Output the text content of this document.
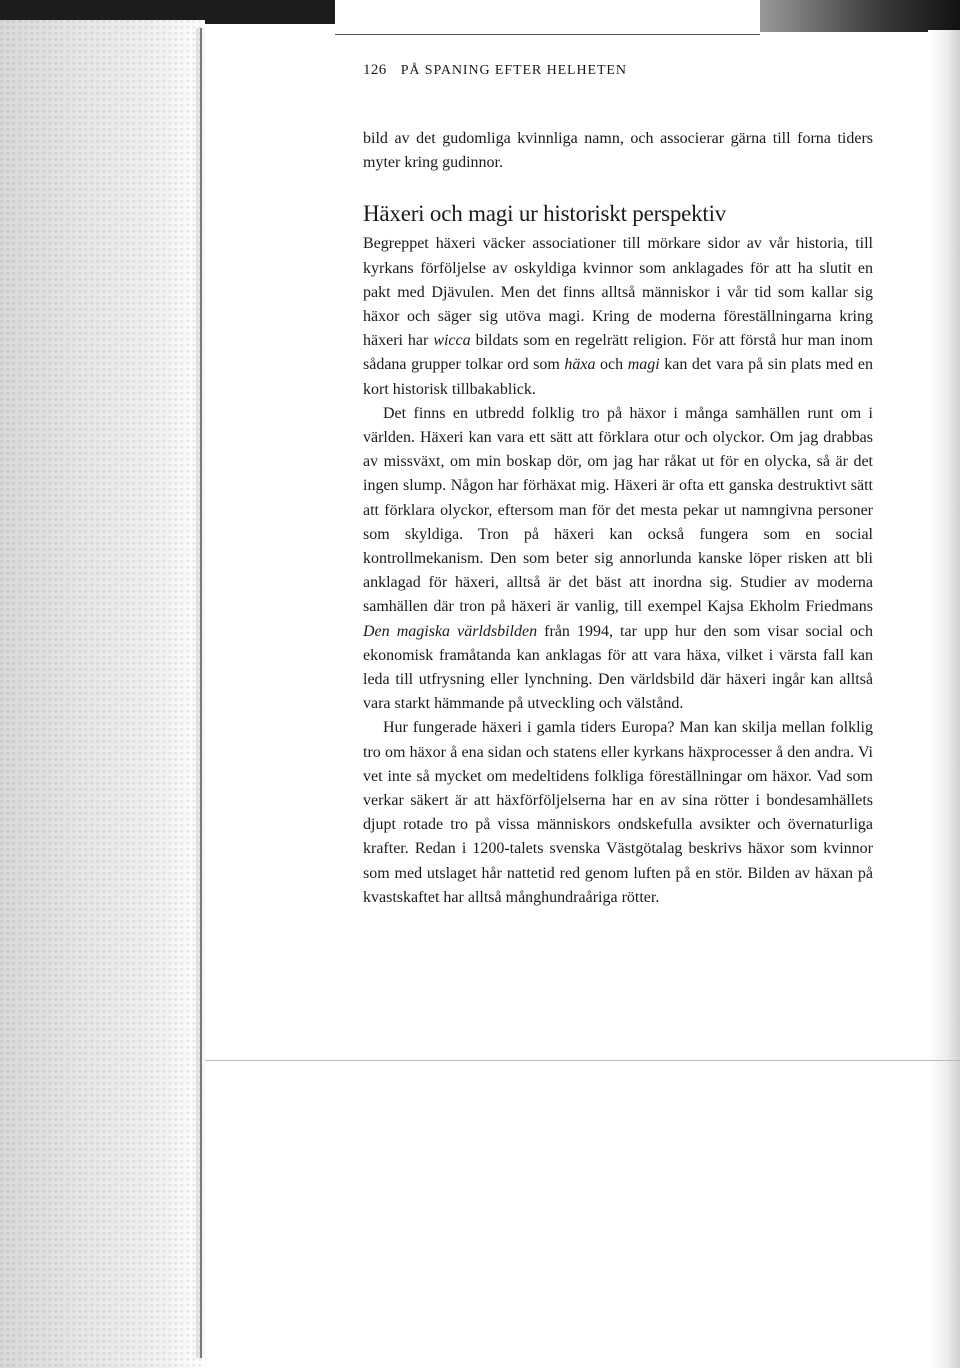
126 PÅ SPANING EFTER HELHETEN

bild av det gudomliga kvinnliga namn, och associerar gärna till forna tiders myter kring gudinnor.

Häxeri och magi ur historiskt perspektiv

Begreppet häxeri väcker associationer till mörkare sidor av vår historia, till kyrkans förföljelse av oskyldiga kvinnor som anklagades för att ha slutit en pakt med Djävulen. Men det finns alltså människor i vår tid som kallar sig häxor och säger sig utöva magi. Kring de moderna föreställningarna kring häxeri har wicca bildats som en regelrätt religion. För att förstå hur man inom sådana grupper tolkar ord som häxa och magi kan det vara på sin plats med en kort historisk tillbakablick.

Det finns en utbredd folklig tro på häxor i många samhällen runt om i världen. Häxeri kan vara ett sätt att förklara otur och olyckor. Om jag drabbas av missväxt, om min boskap dör, om jag har råkat ut för en olycka, så är det ingen slump. Någon har förhäxat mig. Häxeri är ofta ett ganska destruktivt sätt att förklara olyckor, eftersom man för det mesta pekar ut namngivna personer som skyldiga. Tron på häxeri kan också fungera som en social kontrollmekanism. Den som beter sig annorlunda kanske löper risken att bli anklagad för häxeri, alltså är det bäst att inordna sig. Studier av moderna samhällen där tron på häxeri är vanlig, till exempel Kajsa Ekholm Friedmans Den magiska världsbilden från 1994, tar upp hur den som visar social och ekonomisk framåtanda kan anklagas för att vara häxa, vilket i värsta fall kan leda till utfrysning eller lynchning. Den världsbild där häxeri ingår kan alltså vara starkt hämmande på utveckling och välstånd.

Hur fungerade häxeri i gamla tiders Europa? Man kan skilja mellan folklig tro om häxor å ena sidan och statens eller kyrkans häxprocesser å den andra. Vi vet inte så mycket om medeltidens folkliga föreställningar om häxor. Vad som verkar säkert är att häxförföljelserna har en av sina rötter i bondesamhällets djupt rotade tro på vissa människors ondskefulla avsikter och övernaturliga krafter. Redan i 1200-talets svenska Västgötalag beskrivs häxor som kvinnor som med utslaget hår nattetid red genom luften på en stör. Bilden av häxan på kvastskaftet har alltså månghundraåriga rötter.
